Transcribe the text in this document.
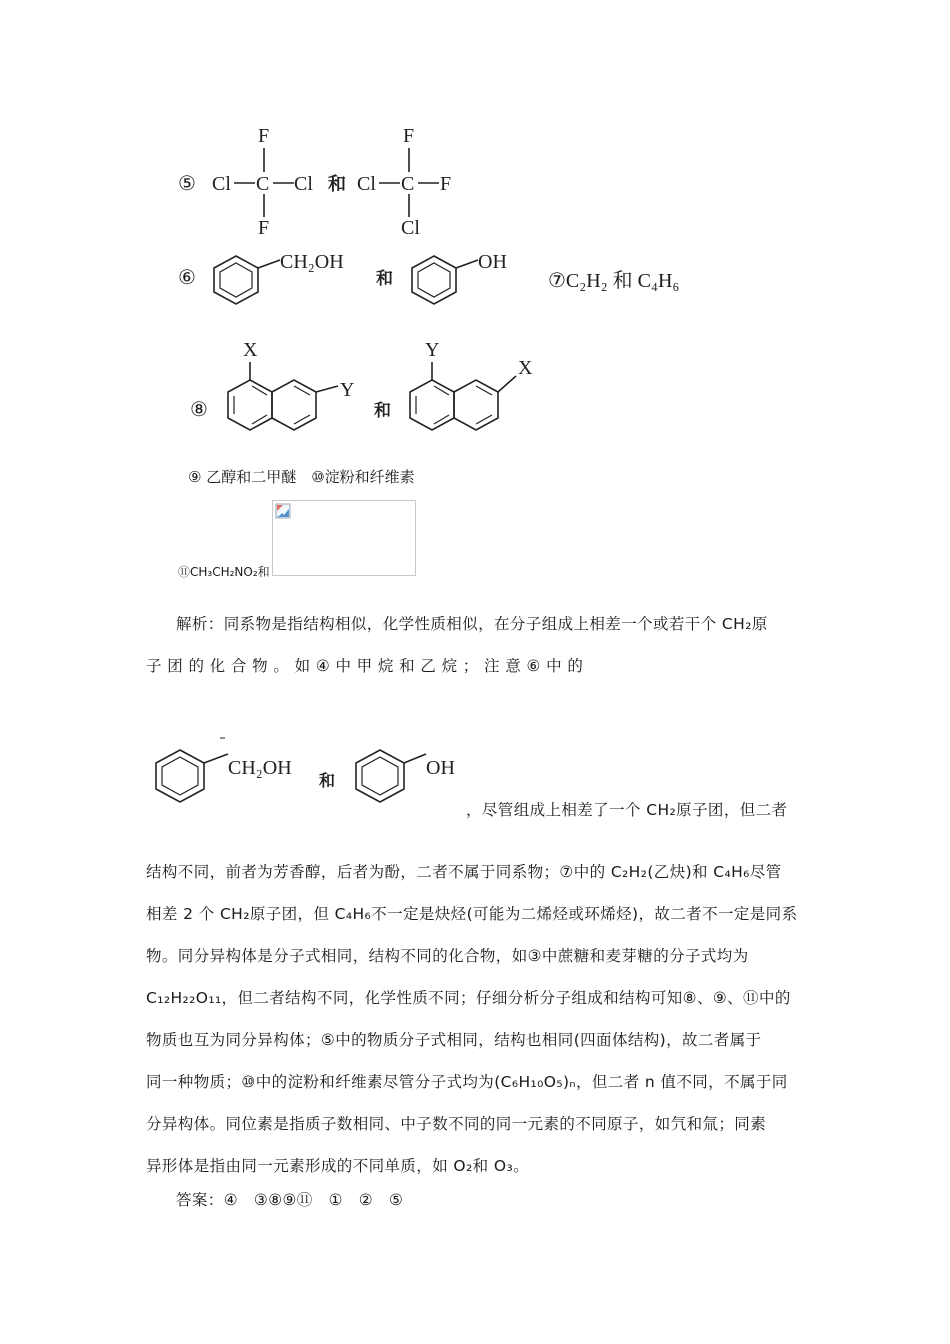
⑤
F
Cl C Cl
F
和
F
Cl C F
Cl
⑥
CH₂OH
和
OH
⑦C₂H₂ 和 C₄H₆
⑧
X
Y
和
Y
X
⑨ 乙醇和二甲醚　⑩淀粉和纤维素
⑪CH₃CH₂NO₂和
解析：同系物是指结构相似，化学性质相似，在分子组成上相差一个或若干个 CH₂原
子 团 的 化 合 物 。 如 ④ 中 甲 烷 和 乙 烷 ； 注 意 ⑥ 中 的
CH₂OH
和
OH
，尽管组成上相差了一个 CH₂原子团，但二者
结构不同，前者为芳香醇，后者为酚，二者不属于同系物；⑦中的 C₂H₂(乙炔)和 C₄H₆尽管
相差 2 个 CH₂原子团，但 C₄H₆不一定是炔烃(可能为二烯烃或环烯烃)，故二者不一定是同系
物。同分异构体是分子式相同，结构不同的化合物，如③中蔗糖和麦芽糖的分子式均为
C₁₂H₂₂O₁₁，但二者结构不同，化学性质不同；仔细分析分子组成和结构可知⑧、⑨、⑪中的
物质也互为同分异构体；⑤中的物质分子式相同，结构也相同(四面体结构)，故二者属于
同一种物质；⑩中的淀粉和纤维素尽管分子式均为(C₆H₁₀O₅)ₙ，但二者 n 值不同，不属于同
分异构体。同位素是指质子数相同、中子数不同的同一元素的不同原子，如氕和氚；同素
异形体是指由同一元素形成的不同单质，如 O₂和 O₃。
答案：④　③⑧⑨⑪　①　②　⑤
